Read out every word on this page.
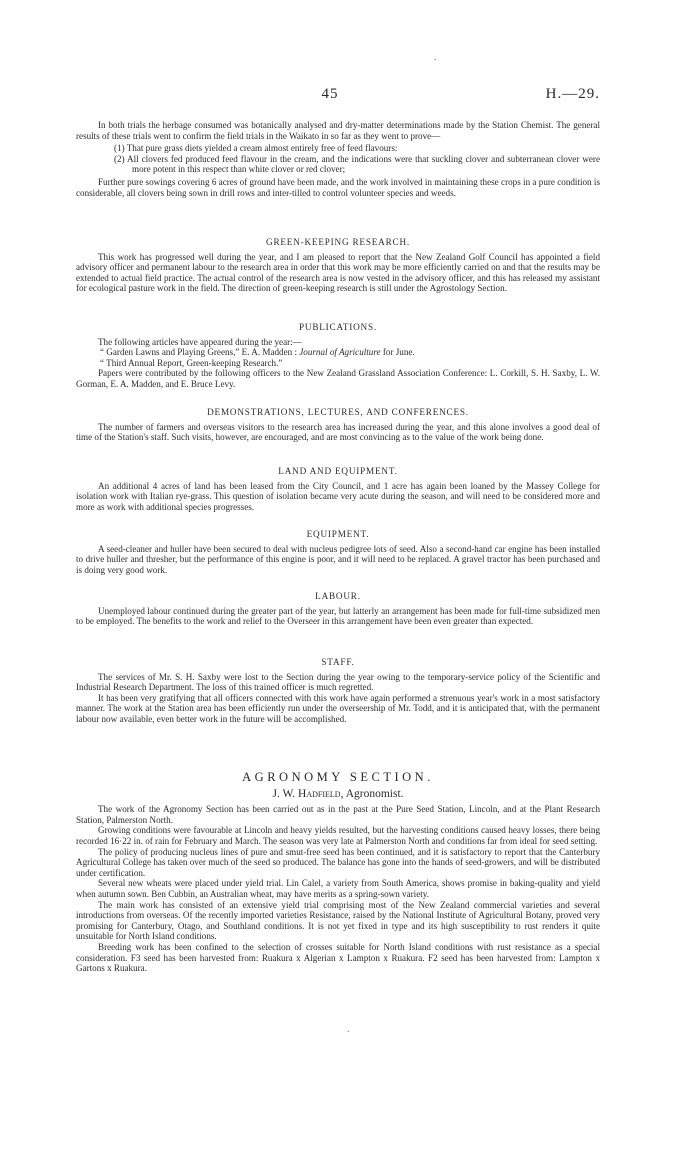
.
45	H.—29.

In both trials the herbage consumed was botanically analysed and dry-matter determinations made by the Station Chemist. The general results of these trials went to confirm the field trials in the Waikato in so far as they went to prove—

(1) That pure grass diets yielded a cream almost entirely free of feed flavours:

(2) All clovers fed produced feed flavour in the cream, and the indications were that suckling clover and subterranean clover were more potent in this respect than white clover or red clover;

Further pure sowings covering 6 acres of ground have been made, and the work involved in maintaining these crops in a pure condition is considerable, all clovers being sown in drill rows and inter-tilled to control volunteer species and weeds.

GREEN-KEEPING RESEARCH.

This work has progressed well during the year, and I am pleased to report that the New Zealand Golf Council has appointed a field advisory officer and permanent labour to the research area in order that this work may be more efficiently carried on and that the results may be extended to actual field practice. The actual control of the research area is now vested in the advisory officer, and this has released my assistant for ecological pasture work in the field. The direction of green-keeping research is still under the Agrostology Section.

PUBLICATIONS.

The following articles have appeared during the year:—

“ Garden Lawns and Playing Greens,” E. A. Madden : Journal of Agriculture for June.

“ Third Annual Report, Green-keeping Research.”

Papers were contributed by the following officers to the New Zealand Grassland Association Conference: L. Corkill, S. H. Saxby, L. W. Gorman, E. A. Madden, and E. Bruce Levy.

DEMONSTRATIONS, LECTURES, AND CONFERENCES.

The number of farmers and overseas visitors to the research area has increased during the year, and this alone involves a good deal of time of the Station's staff. Such visits, however, are encouraged, and are most convincing as to the value of the work being done.

LAND AND EQUIPMENT.

An additional 4 acres of land has been leased from the City Council, and 1 acre has again been loaned by the Massey College for isolation work with Italian rye-grass. This question of isolation became very acute during the season, and will need to be considered more and more as work with additional species progresses.

EQUIPMENT.

A seed-cleaner and huller have been secured to deal with nucleus pedigree lots of seed. Also a second-hand car engine has been installed to drive huller and thresher, but the performance of this engine is poor, and it will need to be replaced. A gravel tractor has been purchased and is doing very good work.

LABOUR.

Unemployed labour continued during the greater part of the year, but latterly an arrangement has been made for full-time subsidized men to be employed. The benefits to the work and relief to the Overseer in this arrangement have been even greater than expected.

STAFF.

The services of Mr. S. H. Saxby were lost to the Section during the year owing to the temporary-service policy of the Scientific and Industrial Research Department. The loss of this trained officer is much regretted.

It has been very gratifying that all officers connected with this work have again performed a strenuous year's work in a most satisfactory manner. The work at the Station area has been efficiently run under the overseership of Mr. Todd, and it is anticipated that, with the permanent labour now available, even better work in the future will be accomplished.

AGRONOMY SECTION.

J. W. Hadfield, Agronomist.

The work of the Agronomy Section has been carried out as in the past at the Pure Seed Station, Lincoln, and at the Plant Research Station, Palmerston North.

Growing conditions were favourable at Lincoln and heavy yields resulted, but the harvesting conditions caused heavy losses, there being recorded 16·22 in. of rain for February and March. The season was very late at Palmerston North and conditions far from ideal for seed setting.

The policy of producing nucleus lines of pure and smut-free seed has been continued, and it is satisfactory to report that the Canterbury Agricultural College has taken over much of the seed so produced. The balance has gone into the hands of seed-growers, and will be distributed under certification.

Several new wheats were placed under yield trial. Lin Calel, a variety from South America, shows promise in baking-quality and yield when autumn sown. Ben Cubbin, an Australian wheat, may have merits as a spring-sown variety.

The main work has consisted of an extensive yield trial comprising most of the New Zealand commercial varieties and several introductions from overseas. Of the recently imported varieties Resistance, raised by the National Institute of Agricultural Botany, proved very promising for Canterbury, Otago, and Southland conditions. It is not yet fixed in type and its high susceptibility to rust renders it quite unsuitable for North Island conditions.

Breeding work has been confined to the selection of crosses suitable for North Island conditions with rust resistance as a special consideration. F3 seed has been harvested from: Ruakura x Algerian x Lampton x Ruakura. F2 seed has been harvested from: Lampton x Gartons x Ruakura.

.
